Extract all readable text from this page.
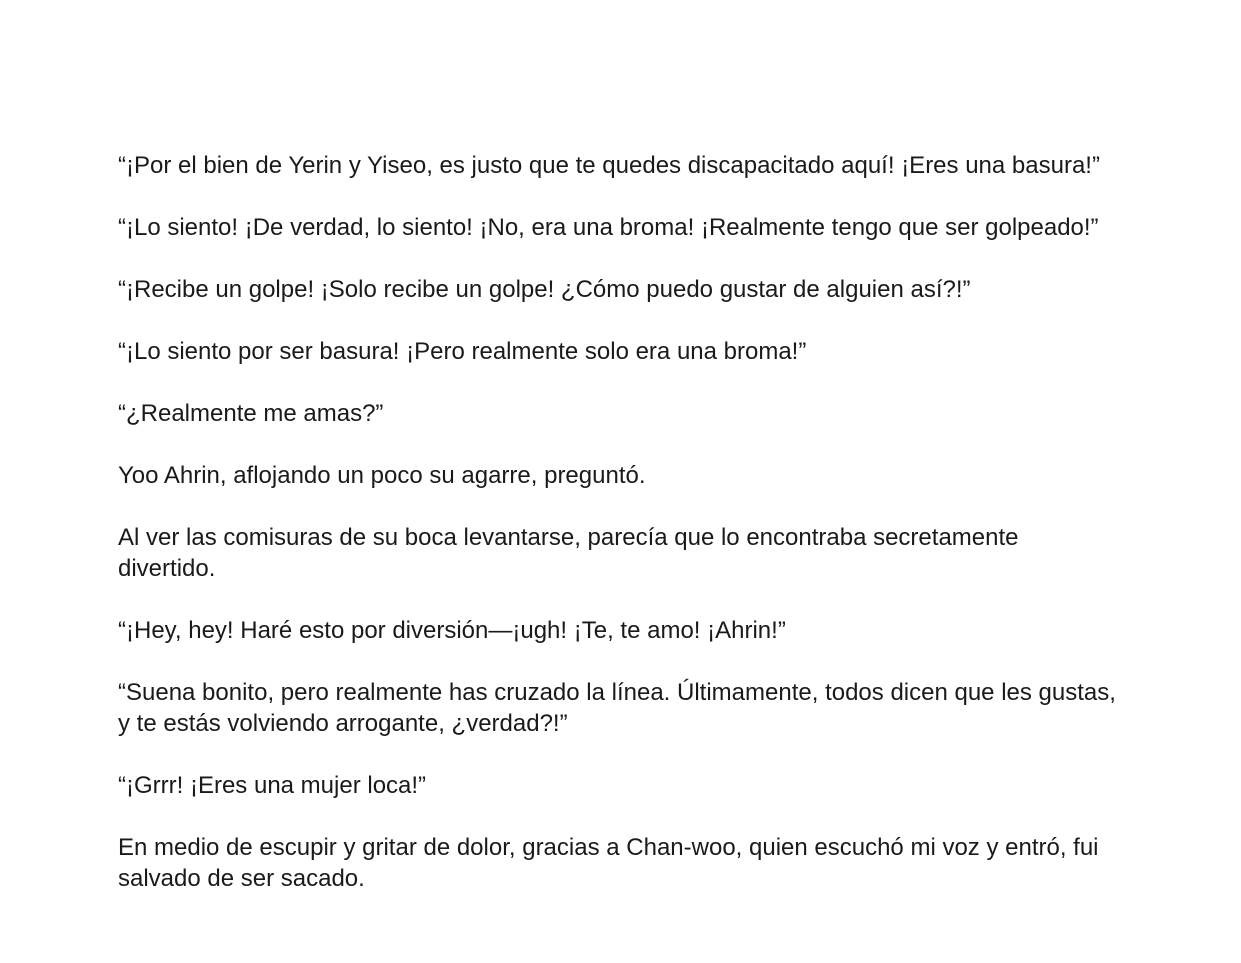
“¡Por el bien de Yerin y Yiseo, es justo que te quedes discapacitado aquí! ¡Eres una basura!”

“¡Lo siento! ¡De verdad, lo siento! ¡No, era una broma! ¡Realmente tengo que ser golpeado!”

“¡Recibe un golpe! ¡Solo recibe un golpe! ¿Cómo puedo gustar de alguien así?!”

“¡Lo siento por ser basura! ¡Pero realmente solo era una broma!”

“¿Realmente me amas?”

Yoo Ahrin, aflojando un poco su agarre, preguntó.

Al ver las comisuras de su boca levantarse, parecía que lo encontraba secretamente divertido.

“¡Hey, hey! Haré esto por diversión—¡ugh! ¡Te, te amo! ¡Ahrin!”

“Suena bonito, pero realmente has cruzado la línea. Últimamente, todos dicen que les gustas, y te estás volviendo arrogante, ¿verdad?!”

“¡Grrr! ¡Eres una mujer loca!”

En medio de escupir y gritar de dolor, gracias a Chan-woo, quien escuchó mi voz y entró, fui salvado de ser sacado.
